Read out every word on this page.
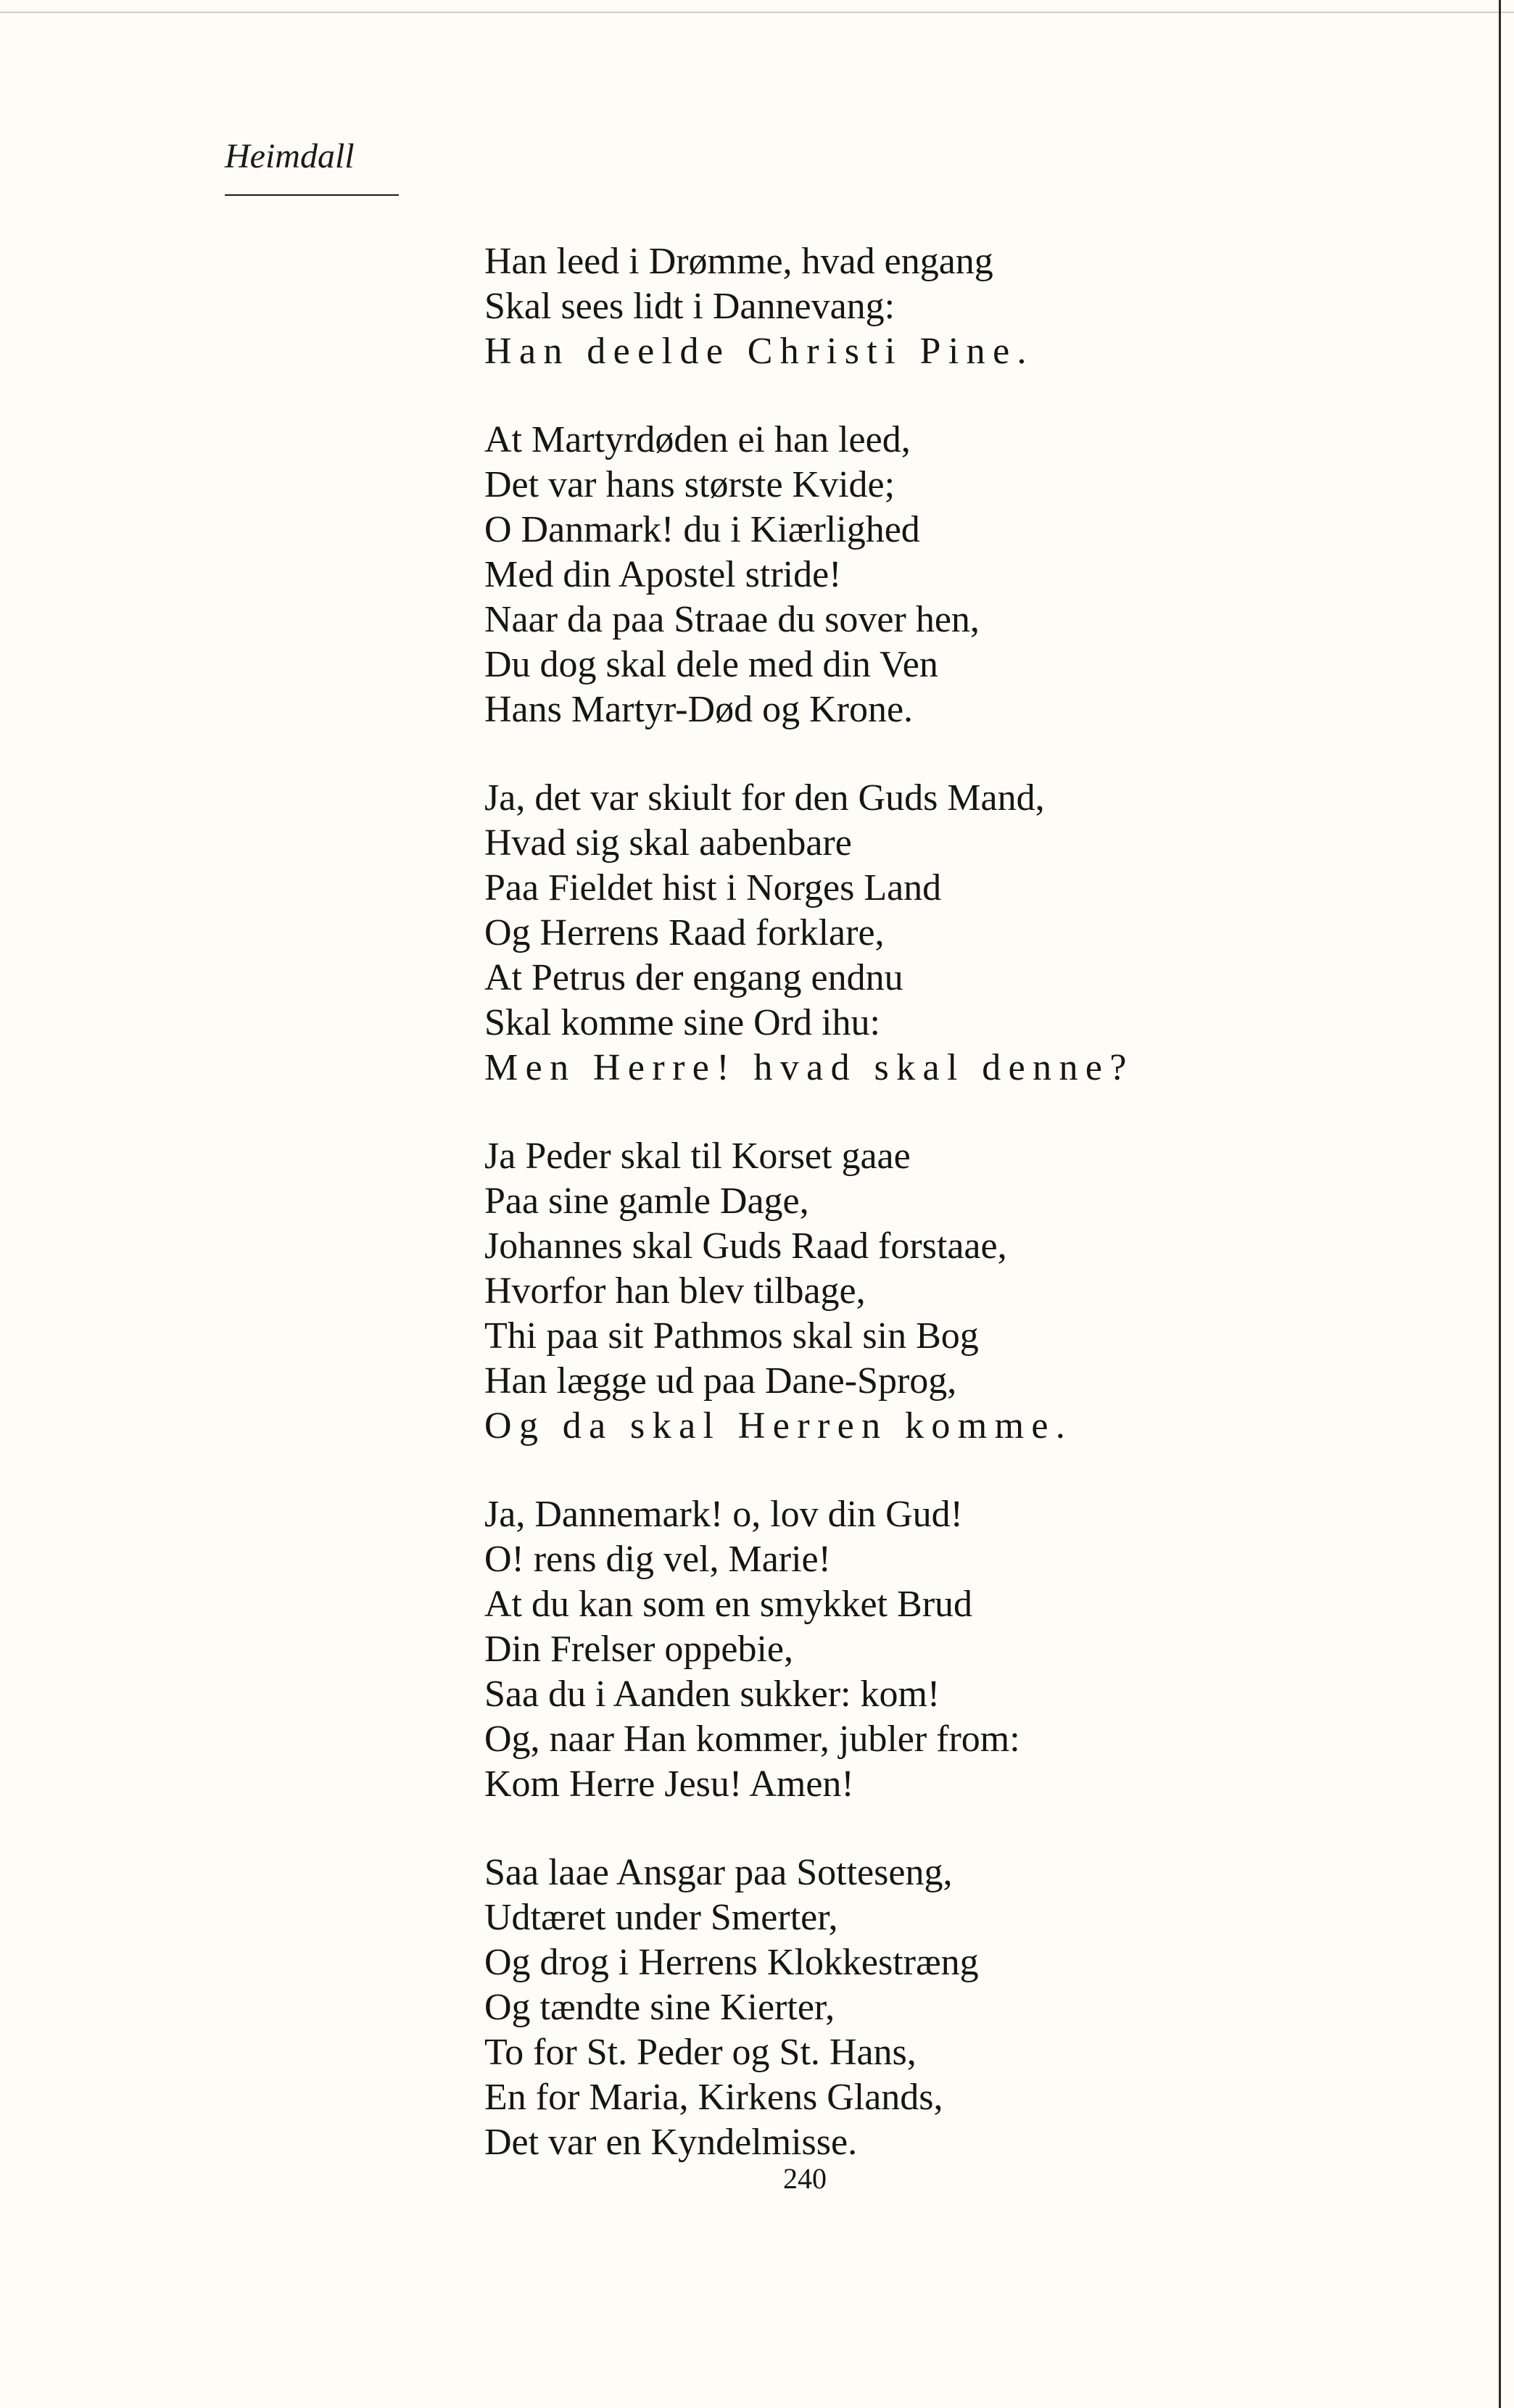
Heimdall
Han leed i Drømme, hvad engang
Skal sees lidt i Dannevang:
Han deelde Christi Pine.
At Martyrdøden ei han leed,
Det var hans største Kvide;
O Danmark! du i Kiærlighed
Med din Apostel stride!
Naar da paa Straae du sover hen,
Du dog skal dele med din Ven
Hans Martyr-Død og Krone.
Ja, det var skiult for den Guds Mand,
Hvad sig skal aabenbare
Paa Fieldet hist i Norges Land
Og Herrens Raad forklare,
At Petrus der engang endnu
Skal komme sine Ord ihu:
Men Herre! hvad skal denne?
Ja Peder skal til Korset gaae
Paa sine gamle Dage,
Johannes skal Guds Raad forstaae,
Hvorfor han blev tilbage,
Thi paa sit Pathmos skal sin Bog
Han lægge ud paa Dane-Sprog,
Og da skal Herren komme.
Ja, Dannemark! o, lov din Gud!
O! rens dig vel, Marie!
At du kan som en smykket Brud
Din Frelser oppebie,
Saa du i Aanden sukker: kom!
Og, naar Han kommer, jubler from:
Kom Herre Jesu! Amen!
Saa laae Ansgar paa Sotteseng,
Udtæret under Smerter,
Og drog i Herrens Klokkestræng
Og tændte sine Kierter,
To for St. Peder og St. Hans,
En for Maria, Kirkens Glands,
Det var en Kyndelmisse.
240
